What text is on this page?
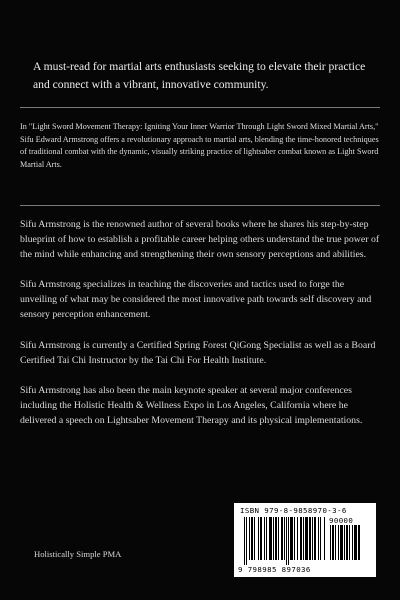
A must-read for martial arts enthusiasts seeking to elevate their practice and connect with a vibrant, innovative community.
In "Light Sword Movement Therapy: Igniting Your Inner Warrior Through Light Sword Mixed Martial Arts," Sifu Edward Armstrong offers a revolutionary approach to martial arts, blending the time-honored techniques of traditional combat with the dynamic, visually striking practice of lightsaber combat known as Light Sword Martial Arts.

Sifu Armstrong is the renowned author of several books where he shares his step-by-step blueprint of how to establish a profitable career helping others understand the true power of the mind while enhancing and strengthening their own sensory perceptions and abilities.

Sifu Armstrong specializes in teaching the discoveries and tactics used to forge the unveiling of what may be considered the most innovative path towards self discovery and sensory perception enhancement.

Sifu Armstrong is currently a Certified Spring Forest QiGong Specialist as well as a Board Certified Tai Chi Instructor by the Tai Chi For Health Institute.

Sifu Armstrong has also been the main keynote speaker at several major conferences including the Holistic Health & Wellness Expo in Los Angeles, California where he delivered a speech on Lightsaber Movement Therapy and its physical implementations.

Holistically Simple PMA
ISBN 979-8-9858970-3-6
90000
9 798985 897036
